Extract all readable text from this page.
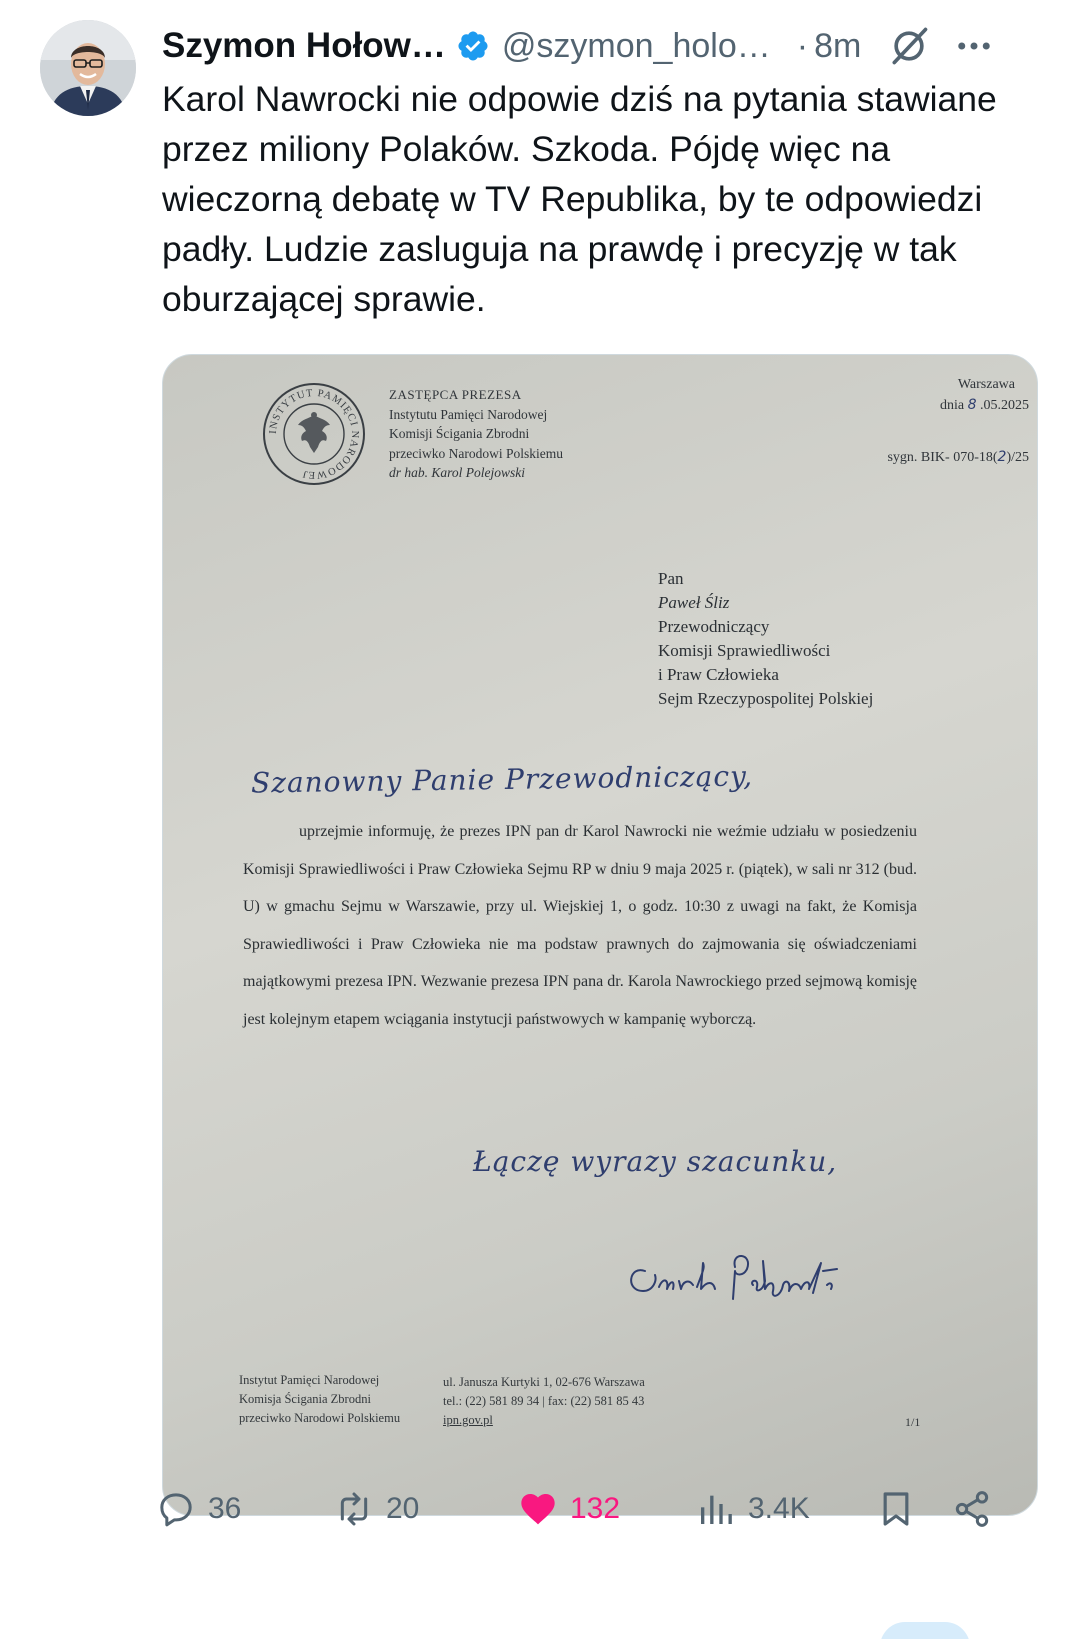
Szymon Hołow… @szymon_holo… · 8m
Karol Nawrocki nie odpowie dziś na pytania stawiane przez miliony Polaków. Szkoda. Pójdę więc na wieczorną debatę w TV Republika, by te odpowiedzi padły. Ludzie zasluguja na prawdę i precyzję w tak oburzającej sprawie.
INSTYTUT PAMIĘCI NARODOWEJ
ZASTĘPCA PREZESA
Instytutu Pamięci Narodowej
Komisji Ścigania Zbrodni
przeciwko Narodowi Polskiemu
dr hab. Karol Polejowski
Warszawa
dnia 8 .05.2025
sygn. BIK- 070-18(2)/25
Pan
Paweł Śliz
Przewodniczący
Komisji Sprawiedliwości
i Praw Człowieka
Sejm Rzeczypospolitej Polskiej
Szanowny Panie Przewodniczący,
uprzejmie informuję, że prezes IPN pan dr Karol Nawrocki nie weźmie udziału w posiedzeniu Komisji Sprawiedliwości i Praw Człowieka Sejmu RP w dniu 9 maja 2025 r. (piątek), w sali nr 312 (bud. U) w gmachu Sejmu w Warszawie, przy ul. Wiejskiej 1, o godz. 10:30 z uwagi na fakt, że Komisja Sprawiedliwości i Praw Człowieka nie ma podstaw prawnych do zajmowania się oświadczeniami majątkowymi prezesa IPN. Wezwanie prezesa IPN pana dr. Karola Nawrockiego przed sejmową komisję jest kolejnym etapem wciągania instytucji państwowych w kampanię wyborczą.
Łączę wyrazy szacunku,
Instytut Pamięci Narodowej
Komisja Ścigania Zbrodni
przeciwko Narodowi Polskiemu
ul. Janusza Kurtyki 1, 02-676 Warszawa
tel.: (22) 581 89 34 | fax: (22) 581 85 43
ipn.gov.pl	1/1
36	20	132	3.4K
